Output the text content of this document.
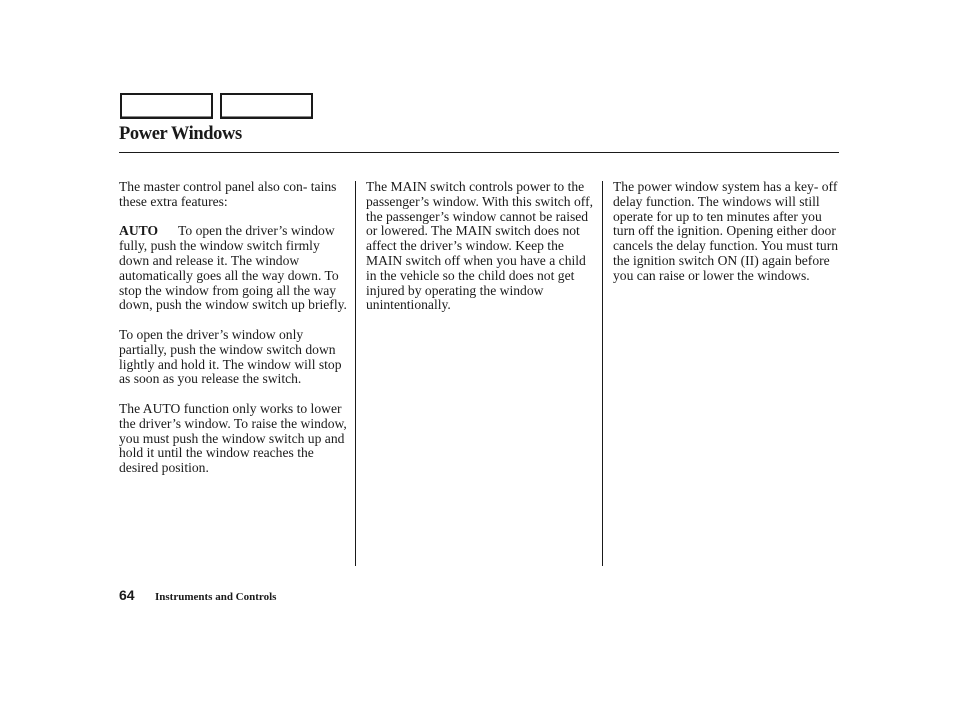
Power Windows

The master control panel also con- tains these extra features:

AUTO To open the driver’s window fully, push the window switch firmly down and release it. The window automatically goes all the way down. To stop the window from going all the way down, push the window switch up briefly.

To open the driver’s window only partially, push the window switch down lightly and hold it. The window will stop as soon as you release the switch.

The AUTO function only works to lower the driver’s window. To raise the window, you must push the window switch up and hold it until the window reaches the desired position.

The MAIN switch controls power to the passenger’s window. With this switch off, the passenger’s window cannot be raised or lowered. The MAIN switch does not affect the driver’s window. Keep the MAIN switch off when you have a child in the vehicle so the child does not get injured by operating the window unintentionally.

The power window system has a key- off delay function. The windows will still operate for up to ten minutes after you turn off the ignition. Opening either door cancels the delay function. You must turn the ignition switch ON (II) again before you can raise or lower the windows.

64 Instruments and Controls
